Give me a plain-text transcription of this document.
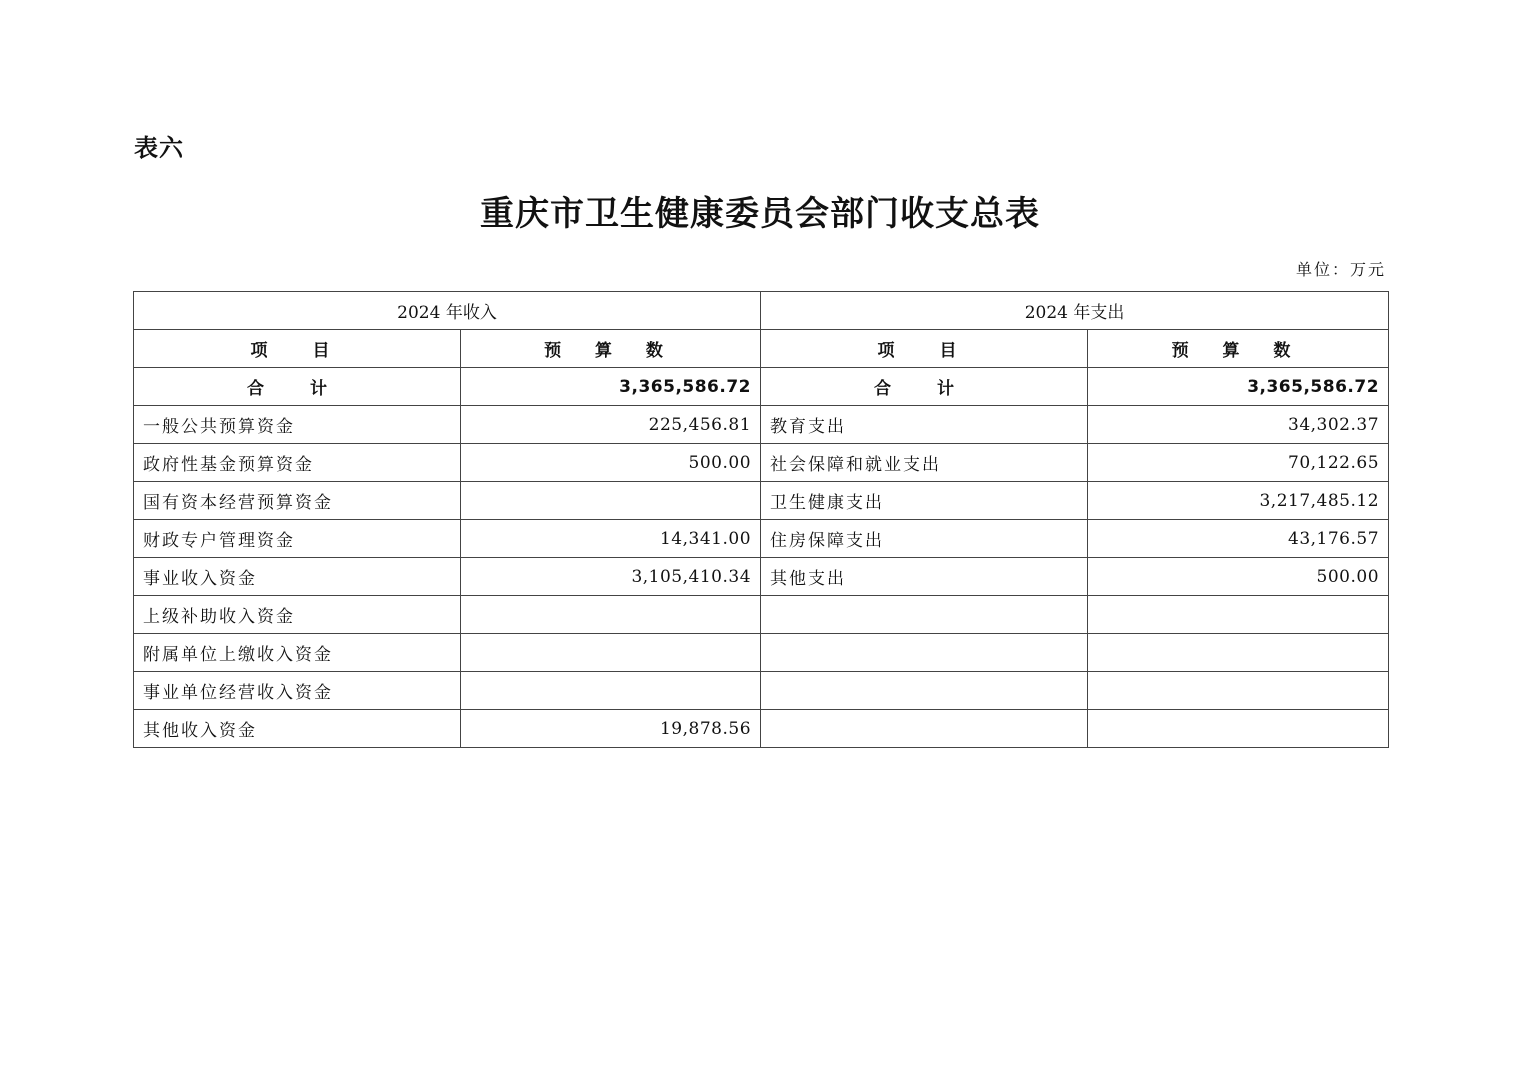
表六
重庆市卫生健康委员会部门收支总表
单位：万元
2024 年收入		2024 年支出	
项　目	预 算 数	项　目	预 算 数
合 计	3,365,586.72	合 计	3,365,586.72
一般公共预算资金	225,456.81	教育支出	34,302.37
政府性基金预算资金	500.00	社会保障和就业支出	70,122.65
国有资本经营预算资金		卫生健康支出	3,217,485.12
财政专户管理资金	14,341.00	住房保障支出	43,176.57
事业收入资金	3,105,410.34	其他支出	500.00
上级补助收入资金			
附属单位上缴收入资金			
事业单位经营收入资金			
其他收入资金	19,878.56		
